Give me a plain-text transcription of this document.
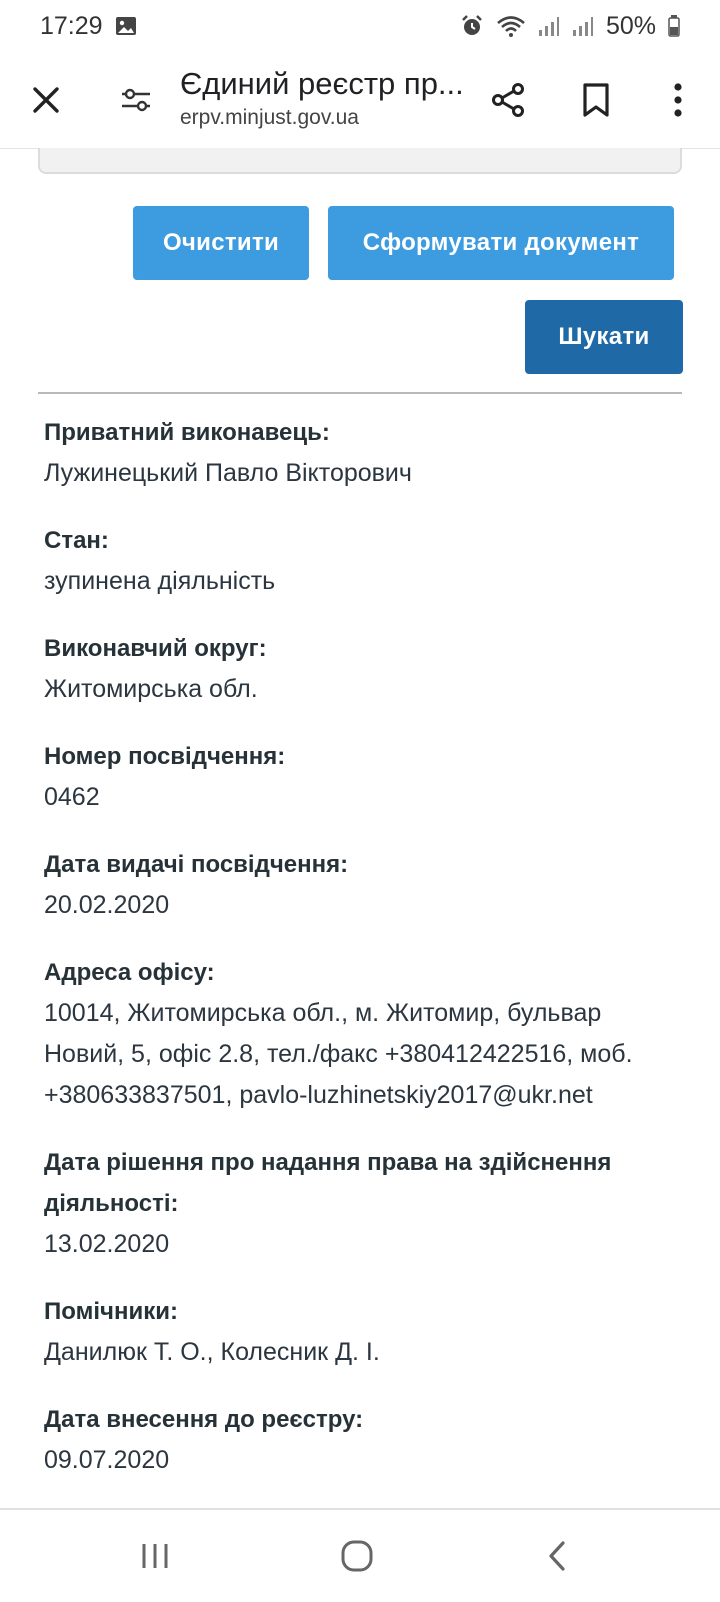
17:29	50%
Єдиний реєстр пр...
erpv.minjust.gov.ua
Очистити	Сформувати документ
Шукати
Приватний виконавець:
Лужинецький Павло Вікторович
Стан:
зупинена діяльність
Виконавчий округ:
Житомирська обл.
Номер посвідчення:
0462
Дата видачі посвідчення:
20.02.2020
Адреса офісу:
10014, Житомирська обл., м. Житомир, бульвар Новий, 5, офіс 2.8, тел./факс +380412422516, моб. +380633837501, pavlo-luzhinetskiy2017@ukr.net
Дата рішення про надання права на здійснення діяльності:
13.02.2020
Помічники:
Данилюк Т. О., Колесник Д. І.
Дата внесення до реєстру:
09.07.2020
